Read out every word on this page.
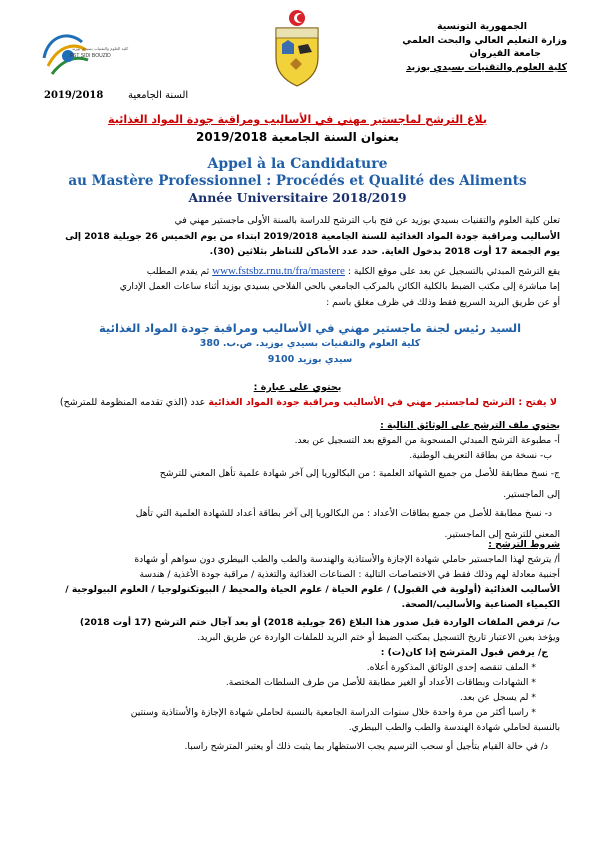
كلية العلوم والتقنيات بسيدي بوزيد
FST SIDI BOUZID
الجمهورية التونسية
وزارة التعليم العالي والبحث العلمي
جامعة القيروان
كلية العلوم والتقنيات بسيدي بوزيد
السنة الجامعية
2019/2018
بلاغ الترشح لماجستير مهني في الأساليب ومراقبة جودة المواد الغذائية
بعنوان السنة الجامعية 2019/2018
Appel à la Candidature
au Mastère Professionnel : Procédés et Qualité des Aliments
Année Universitaire 2018/2019
تعلن كلية العلوم والتقنيات بسيدي بوزيد عن فتح باب الترشح للدراسة بالسنة الأولى ماجستير مهني في
الأساليب ومراقبة جودة المواد الغذائية للسنة الجامعية 2019/2018 ابتداء من يوم الخميس 26 جويلية 2018 إلى
يوم الجمعة 17 أوت 2018 بدخول الغاية. حدد عدد الأماكن للتناظر بثلاثين (30).
يقع الترشح المبدئي بالتسجيل عن بعد على موقع الكلية : www.fstsbz.rnu.tn/fra/mastere ثم يقدم المطلب
إما مباشرة إلى مكتب الضبط بالكلية الكائن بالمركب الجامعي بالحي الفلاحي بسيدي بوزيد أثناء ساعات العمل الإداري
أو عن طريق البريد السريع فقط وذلك في ظرف مغلق باسم :
السيد رئيس لجنة ماجستير مهني في الأساليب ومراقبة جودة المواد الغذائية
كلية العلوم والتقنيات بسيدي بوزيد. ص.ب. 380
سيدي بوزيد 9100
يحتوي على عبارة :
لا يفتح : الترشح لماجستير مهني في الأساليب ومراقبة جودة المواد الغذائية عدد (الذي تقدمه المنظومة للمترشح)
يحتوي ملف الترشح على الوثائق التالية :
أ- مطبوعة الترشح المبدئي المسحوبة من الموقع بعد التسجيل عن بعد.
ب- نسخة من بطاقة التعريف الوطنية.
ج- نسخ مطابقة للأصل من جميع الشهائد العلمية : من البكالوريا إلى آخر شهادة علمية تأهل المعني للترشح
إلى الماجستير.
د- نسخ مطابقة للأصل من جميع بطاقات الأعداد : من البكالوريا إلى آخر بطاقة أعداد للشهادة العلمية التي تأهل
المعني للترشح إلى الماجستير.
شروط الترشح :
أ/ يترشح لهذا الماجستير حاملي شهادة الإجازة والأستاذية والهندسة والطب والطب البيطري دون سواهم أو شهادة
أجنبية معادلة لهم وذلك فقط في الاختصاصات التالية : الصناعات الغذائية والتغذية / مراقبة جودة الأغذية / هندسة
الأساليب الغذائية (أولوية في القبول) / علوم الحياة / علوم الحياة والمحيط / البيوتكنولوجيا / العلوم البيولوجية /
الكيمياء الصناعية والأساليب/الصحة.
ب/ ترفض الملفات الواردة قبل صدور هذا البلاغ (26 جويلية 2018) أو بعد آجال ختم الترشح (17 أوت 2018)
ويؤخذ بعين الاعتبار تاريخ التسجيل بمكتب الضبط أو ختم البريد للملفات الواردة عن طريق البريد.
ج/ يرفض قبول المترشح إذا كان(ت) :
* الملف تنقصه إحدى الوثائق المذكورة أعلاه.
* الشهادات وبطاقات الأعداد أو الغير مطابقة للأصل من طرف السلطات المختصة.
* لم يسجل عن بعد.
* راسبا أكثر من مرة واحدة خلال سنوات الدراسة الجامعية بالنسبة لحاملي شهادة الإجازة والأستاذية وسنتين
بالنسبة لحاملي شهادة الهندسة والطب والطب البيطري.
د/ في حالة القيام بتأجيل أو سحب الترسيم يجب الاستظهار بما يثبت ذلك أو يعتبر المترشح راسبا.
